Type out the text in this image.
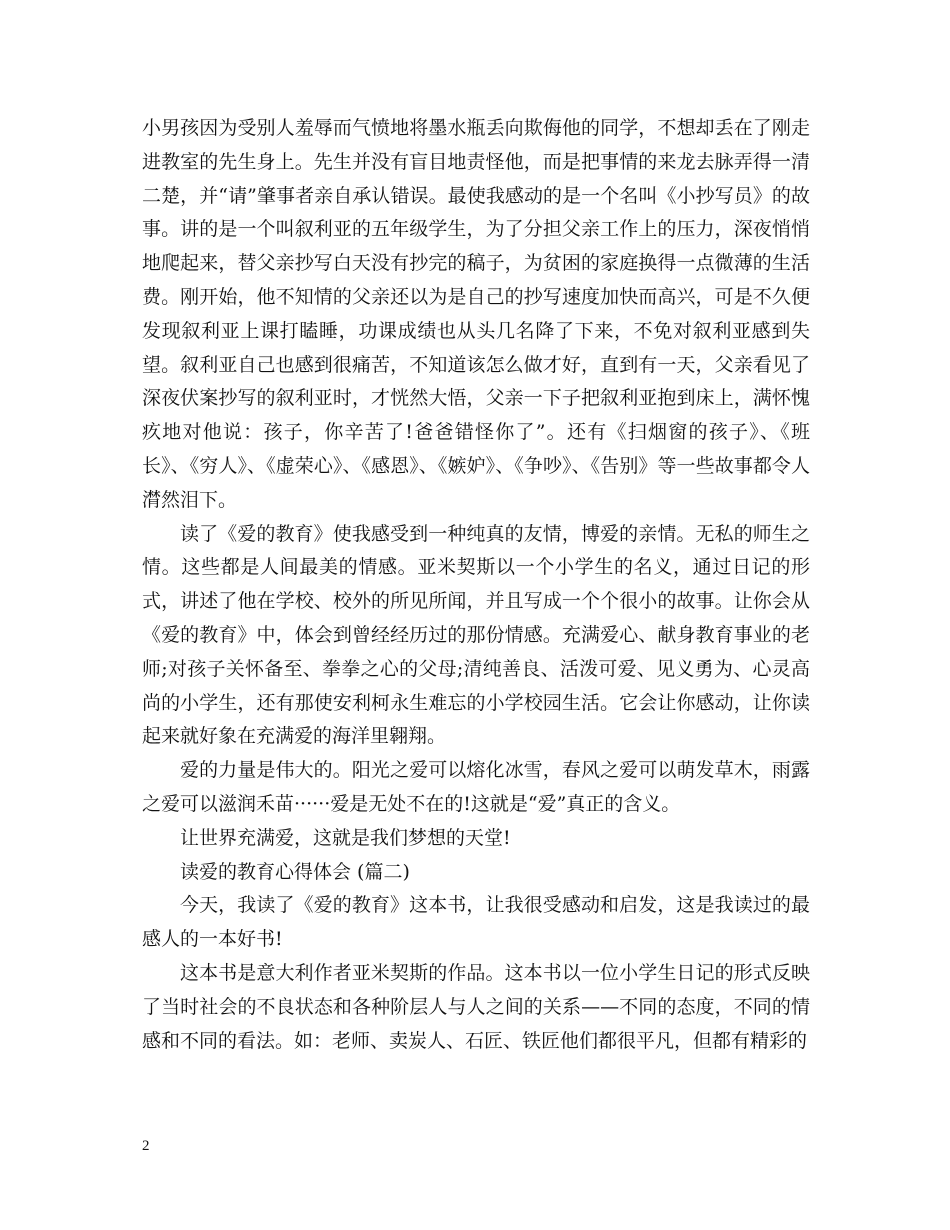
小男孩因为受别人羞辱而气愤地将墨水瓶丢向欺侮他的同学，不想却丢在了刚走进教室的先生身上。先生并没有盲目地责怪他，而是把事情的来龙去脉弄得一清二楚，并“请”肇事者亲自承认错误。最使我感动的是一个名叫《小抄写员》的故事。讲的是一个叫叙利亚的五年级学生，为了分担父亲工作上的压力，深夜悄悄地爬起来，替父亲抄写白天没有抄完的稿子，为贫困的家庭换得一点微薄的生活费。刚开始，他不知情的父亲还以为是自己的抄写速度加快而高兴，可是不久便发现叙利亚上课打瞌睡，功课成绩也从头几名降了下来，不免对叙利亚感到失望。叙利亚自己也感到很痛苦，不知道该怎么做才好，直到有一天，父亲看见了深夜伏案抄写的叙利亚时，才恍然大悟，父亲一下子把叙利亚抱到床上，满怀愧疚地对他说：孩子，你辛苦了!爸爸错怪你了”。还有《扫烟窗的孩子》、《班长》、《穷人》、《虚荣心》、《感恩》、《嫉妒》、《争吵》、《告别》等一些故事都令人潸然泪下。

读了《爱的教育》使我感受到一种纯真的友情，博爱的亲情。无私的师生之情。这些都是人间最美的情感。亚米契斯以一个小学生的名义，通过日记的形式，讲述了他在学校、校外的所见所闻，并且写成一个个很小的故事。让你会从《爱的教育》中，体会到曾经经历过的那份情感。充满爱心、献身教育事业的老师;对孩子关怀备至、拳拳之心的父母;清纯善良、活泼可爱、见义勇为、心灵高尚的小学生，还有那使安利柯永生难忘的小学校园生活。它会让你感动，让你读起来就好象在充满爱的海洋里翱翔。

爱的力量是伟大的。阳光之爱可以熔化冰雪，春风之爱可以萌发草木，雨露之爱可以滋润禾苗······爱是无处不在的!这就是“爱”真正的含义。

让世界充满爱，这就是我们梦想的天堂!

读爱的教育心得体会 (篇二)

今天，我读了《爱的教育》这本书，让我很受感动和启发，这是我读过的最感人的一本好书!

这本书是意大利作者亚米契斯的作品。这本书以一位小学生日记的形式反映了当时社会的不良状态和各种阶层人与人之间的关系——不同的态度，不同的情感和不同的看法。如：老师、卖炭人、石匠、铁匠他们都很平凡，但都有精彩的

2
